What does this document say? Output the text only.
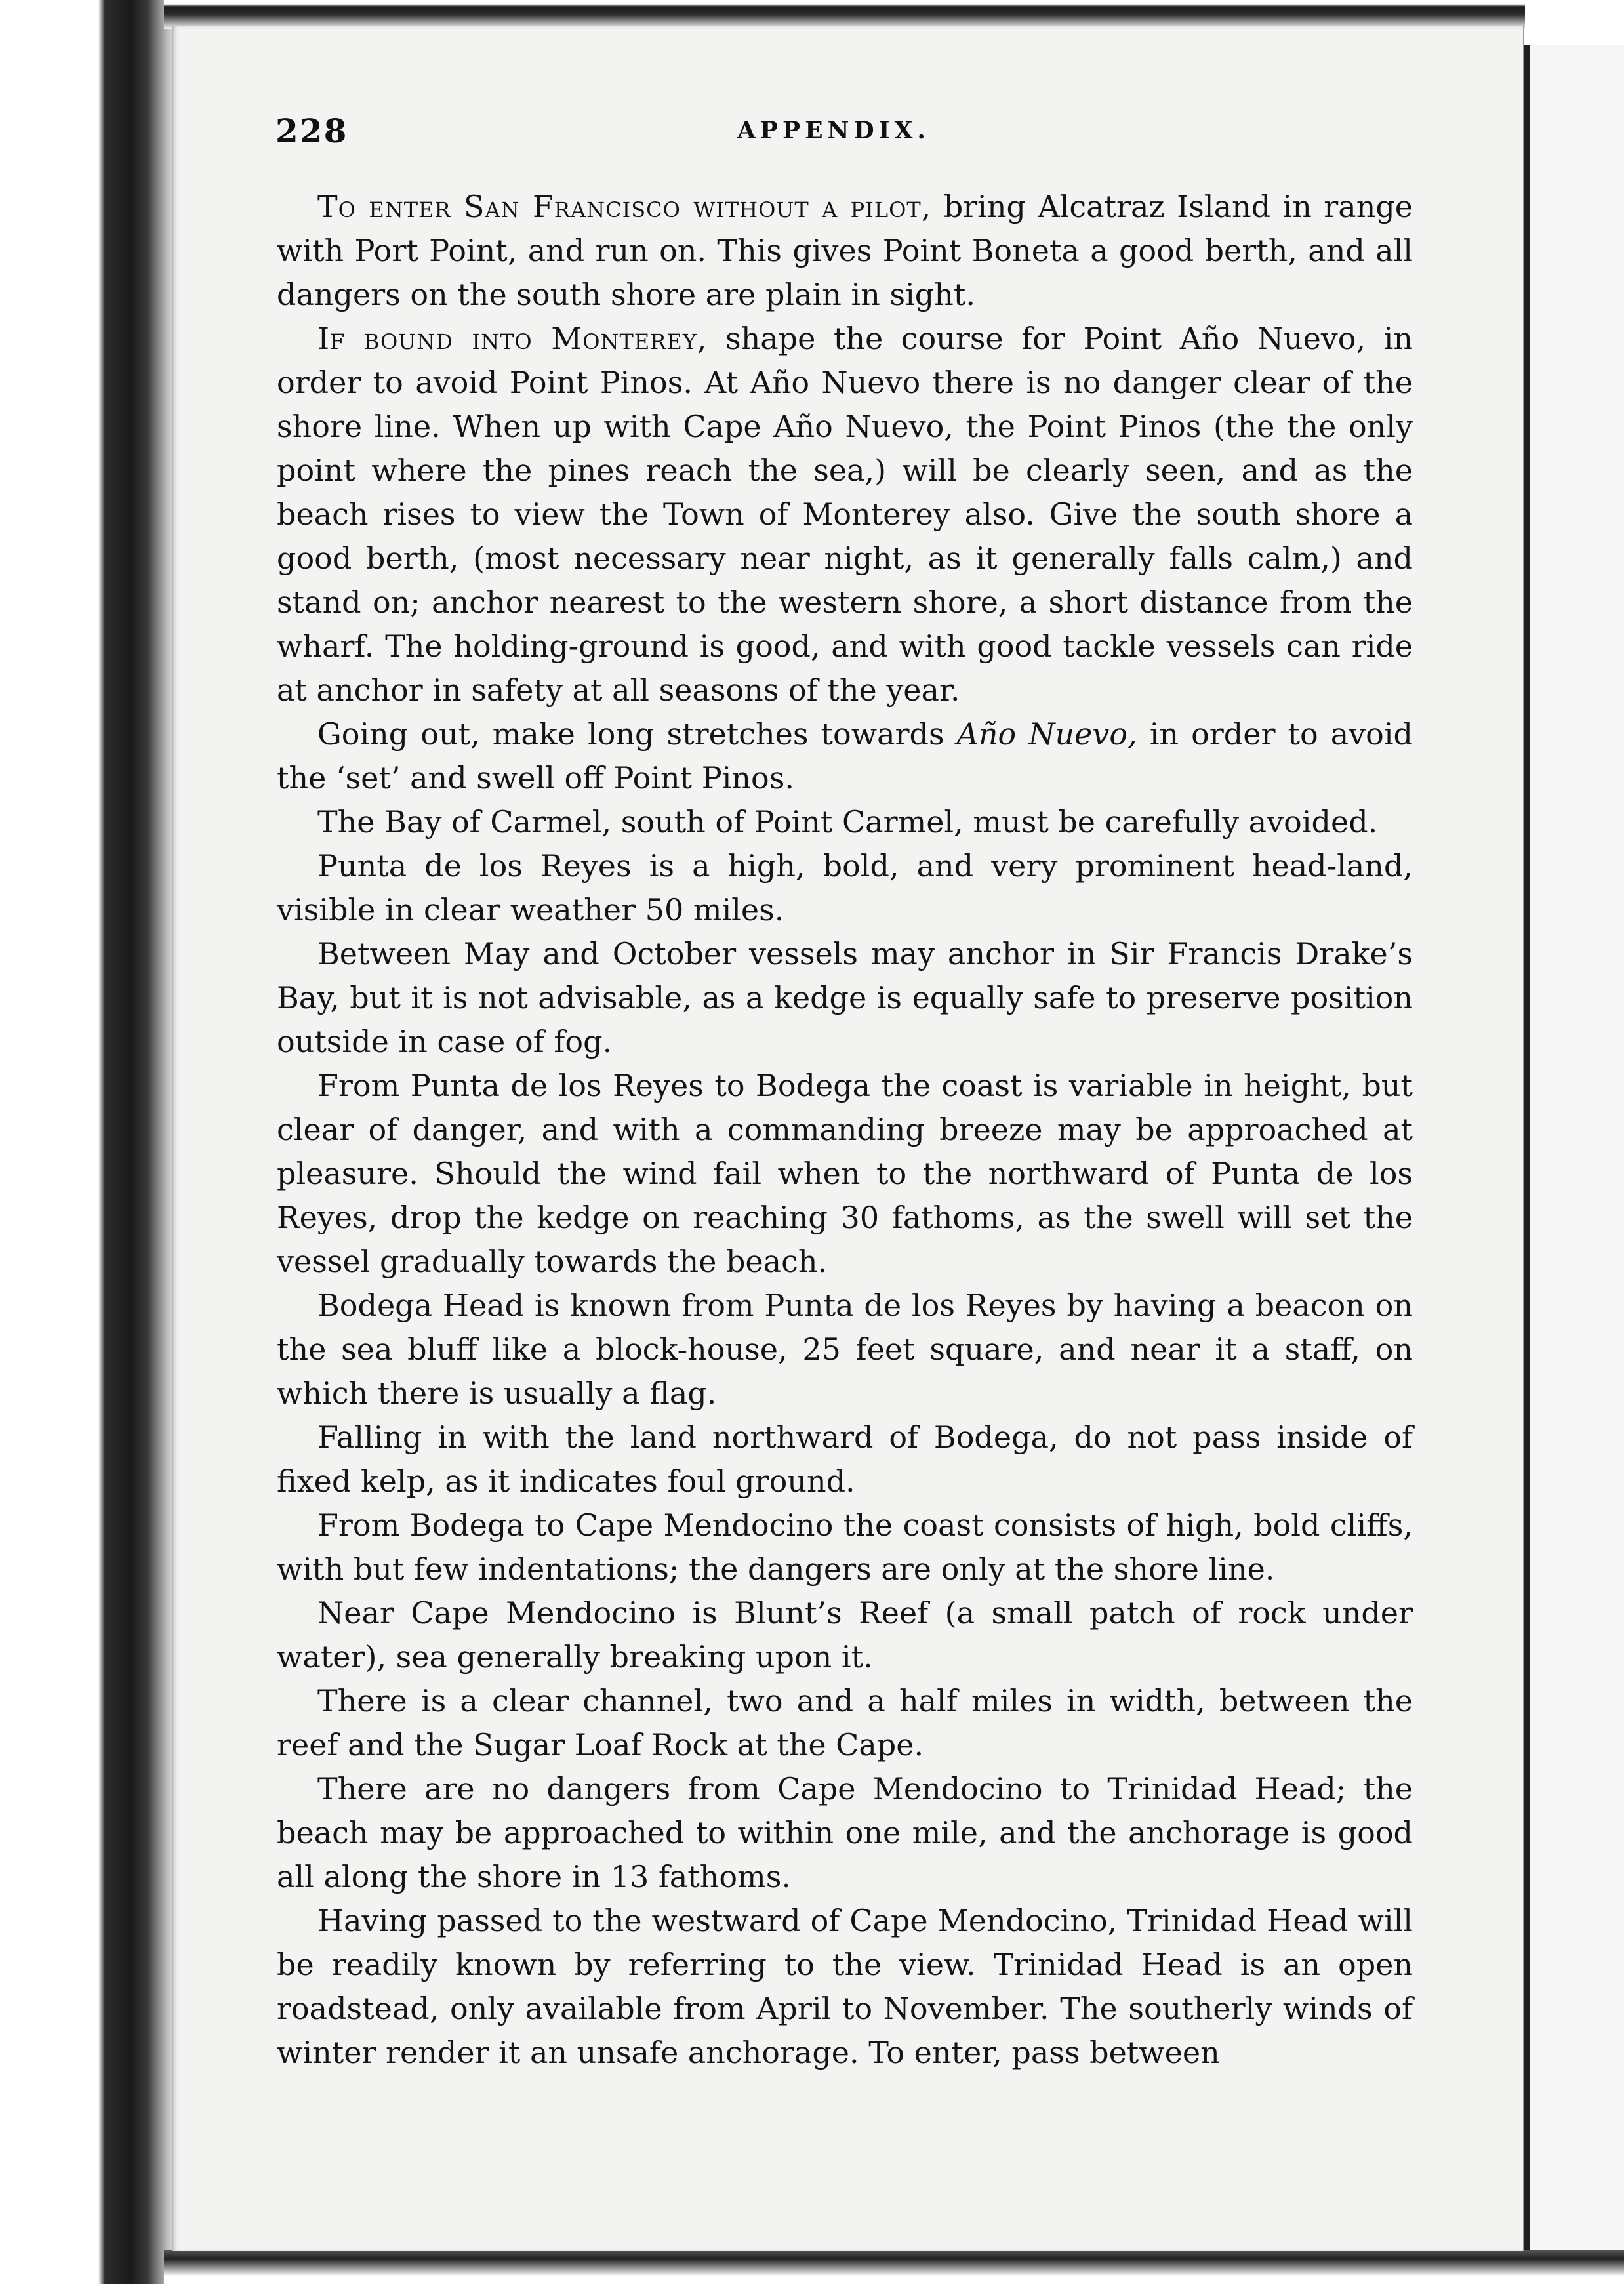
228	APPENDIX.

To enter San Francisco without a pilot, bring Alcatraz Island in range with Port Point, and run on. This gives Point Boneta a good berth, and all dangers on the south shore are plain in sight.

If bound into Monterey, shape the course for Point Año Nuevo, in order to avoid Point Pinos. At Año Nuevo there is no danger clear of the shore line. When up with Cape Año Nuevo, the Point Pinos (the the only point where the pines reach the sea,) will be clearly seen, and as the beach rises to view the Town of Monterey also. Give the south shore a good berth, (most necessary near night, as it generally falls calm,) and stand on; anchor nearest to the western shore, a short distance from the wharf. The holding-ground is good, and with good tackle vessels can ride at anchor in safety at all seasons of the year.

Going out, make long stretches towards Año Nuevo, in order to avoid the ‘set’ and swell off Point Pinos.

The Bay of Carmel, south of Point Carmel, must be carefully avoided.

Punta de los Reyes is a high, bold, and very prominent head-land, visible in clear weather 50 miles.

Between May and October vessels may anchor in Sir Francis Drake’s Bay, but it is not advisable, as a kedge is equally safe to preserve position outside in case of fog.

From Punta de los Reyes to Bodega the coast is variable in height, but clear of danger, and with a commanding breeze may be approached at pleasure. Should the wind fail when to the northward of Punta de los Reyes, drop the kedge on reaching 30 fathoms, as the swell will set the vessel gradually towards the beach.

Bodega Head is known from Punta de los Reyes by having a beacon on the sea bluff like a block-house, 25 feet square, and near it a staff, on which there is usually a flag.

Falling in with the land northward of Bodega, do not pass inside of fixed kelp, as it indicates foul ground.

From Bodega to Cape Mendocino the coast consists of high, bold cliffs, with but few indentations; the dangers are only at the shore line.

Near Cape Mendocino is Blunt’s Reef (a small patch of rock under water), sea generally breaking upon it.

There is a clear channel, two and a half miles in width, between the reef and the Sugar Loaf Rock at the Cape.

There are no dangers from Cape Mendocino to Trinidad Head; the beach may be approached to within one mile, and the anchorage is good all along the shore in 13 fathoms.

Having passed to the westward of Cape Mendocino, Trinidad Head will be readily known by referring to the view. Trinidad Head is an open roadstead, only available from April to November. The southerly winds of winter render it an unsafe anchorage. To enter, pass between
